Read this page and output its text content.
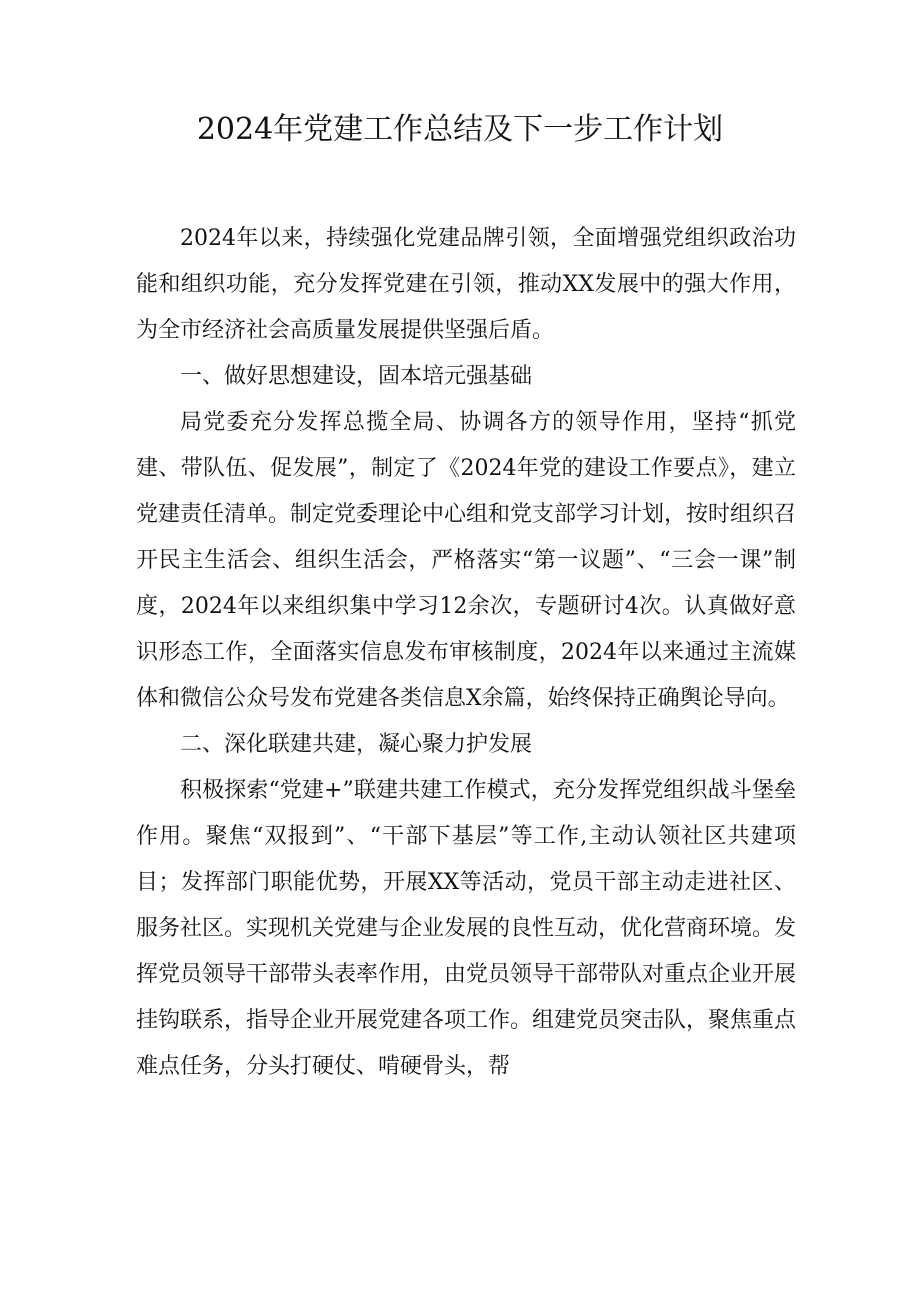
2024年党建工作总结及下一步工作计划

2024年以来，持续强化党建品牌引领，全面增强党组织政治功能和组织功能，充分发挥党建在引领，推动XX发展中的强大作用，为全市经济社会高质量发展提供坚强后盾。

一、做好思想建设，固本培元强基础

局党委充分发挥总揽全局、协调各方的领导作用，坚持“抓党建、带队伍、促发展”，制定了《2024年党的建设工作要点》，建立党建责任清单。制定党委理论中心组和党支部学习计划，按时组织召开民主生活会、组织生活会，严格落实“第一议题”、“三会一课”制度，2024年以来组织集中学习12余次，专题研讨4次。认真做好意识形态工作，全面落实信息发布审核制度，2024年以来通过主流媒体和微信公众号发布党建各类信息X余篇，始终保持正确舆论导向。

二、深化联建共建，凝心聚力护发展

积极探索“党建+”联建共建工作模式，充分发挥党组织战斗堡垒作用。聚焦“双报到”、“干部下基层”等工作,主动认领社区共建项目；发挥部门职能优势，开展XX等活动，党员干部主动走进社区、服务社区。实现机关党建与企业发展的良性互动，优化营商环境。发挥党员领导干部带头表率作用，由党员领导干部带队对重点企业开展挂钩联系，指导企业开展党建各项工作。组建党员突击队，聚焦重点难点任务，分头打硬仗、啃硬骨头，帮
